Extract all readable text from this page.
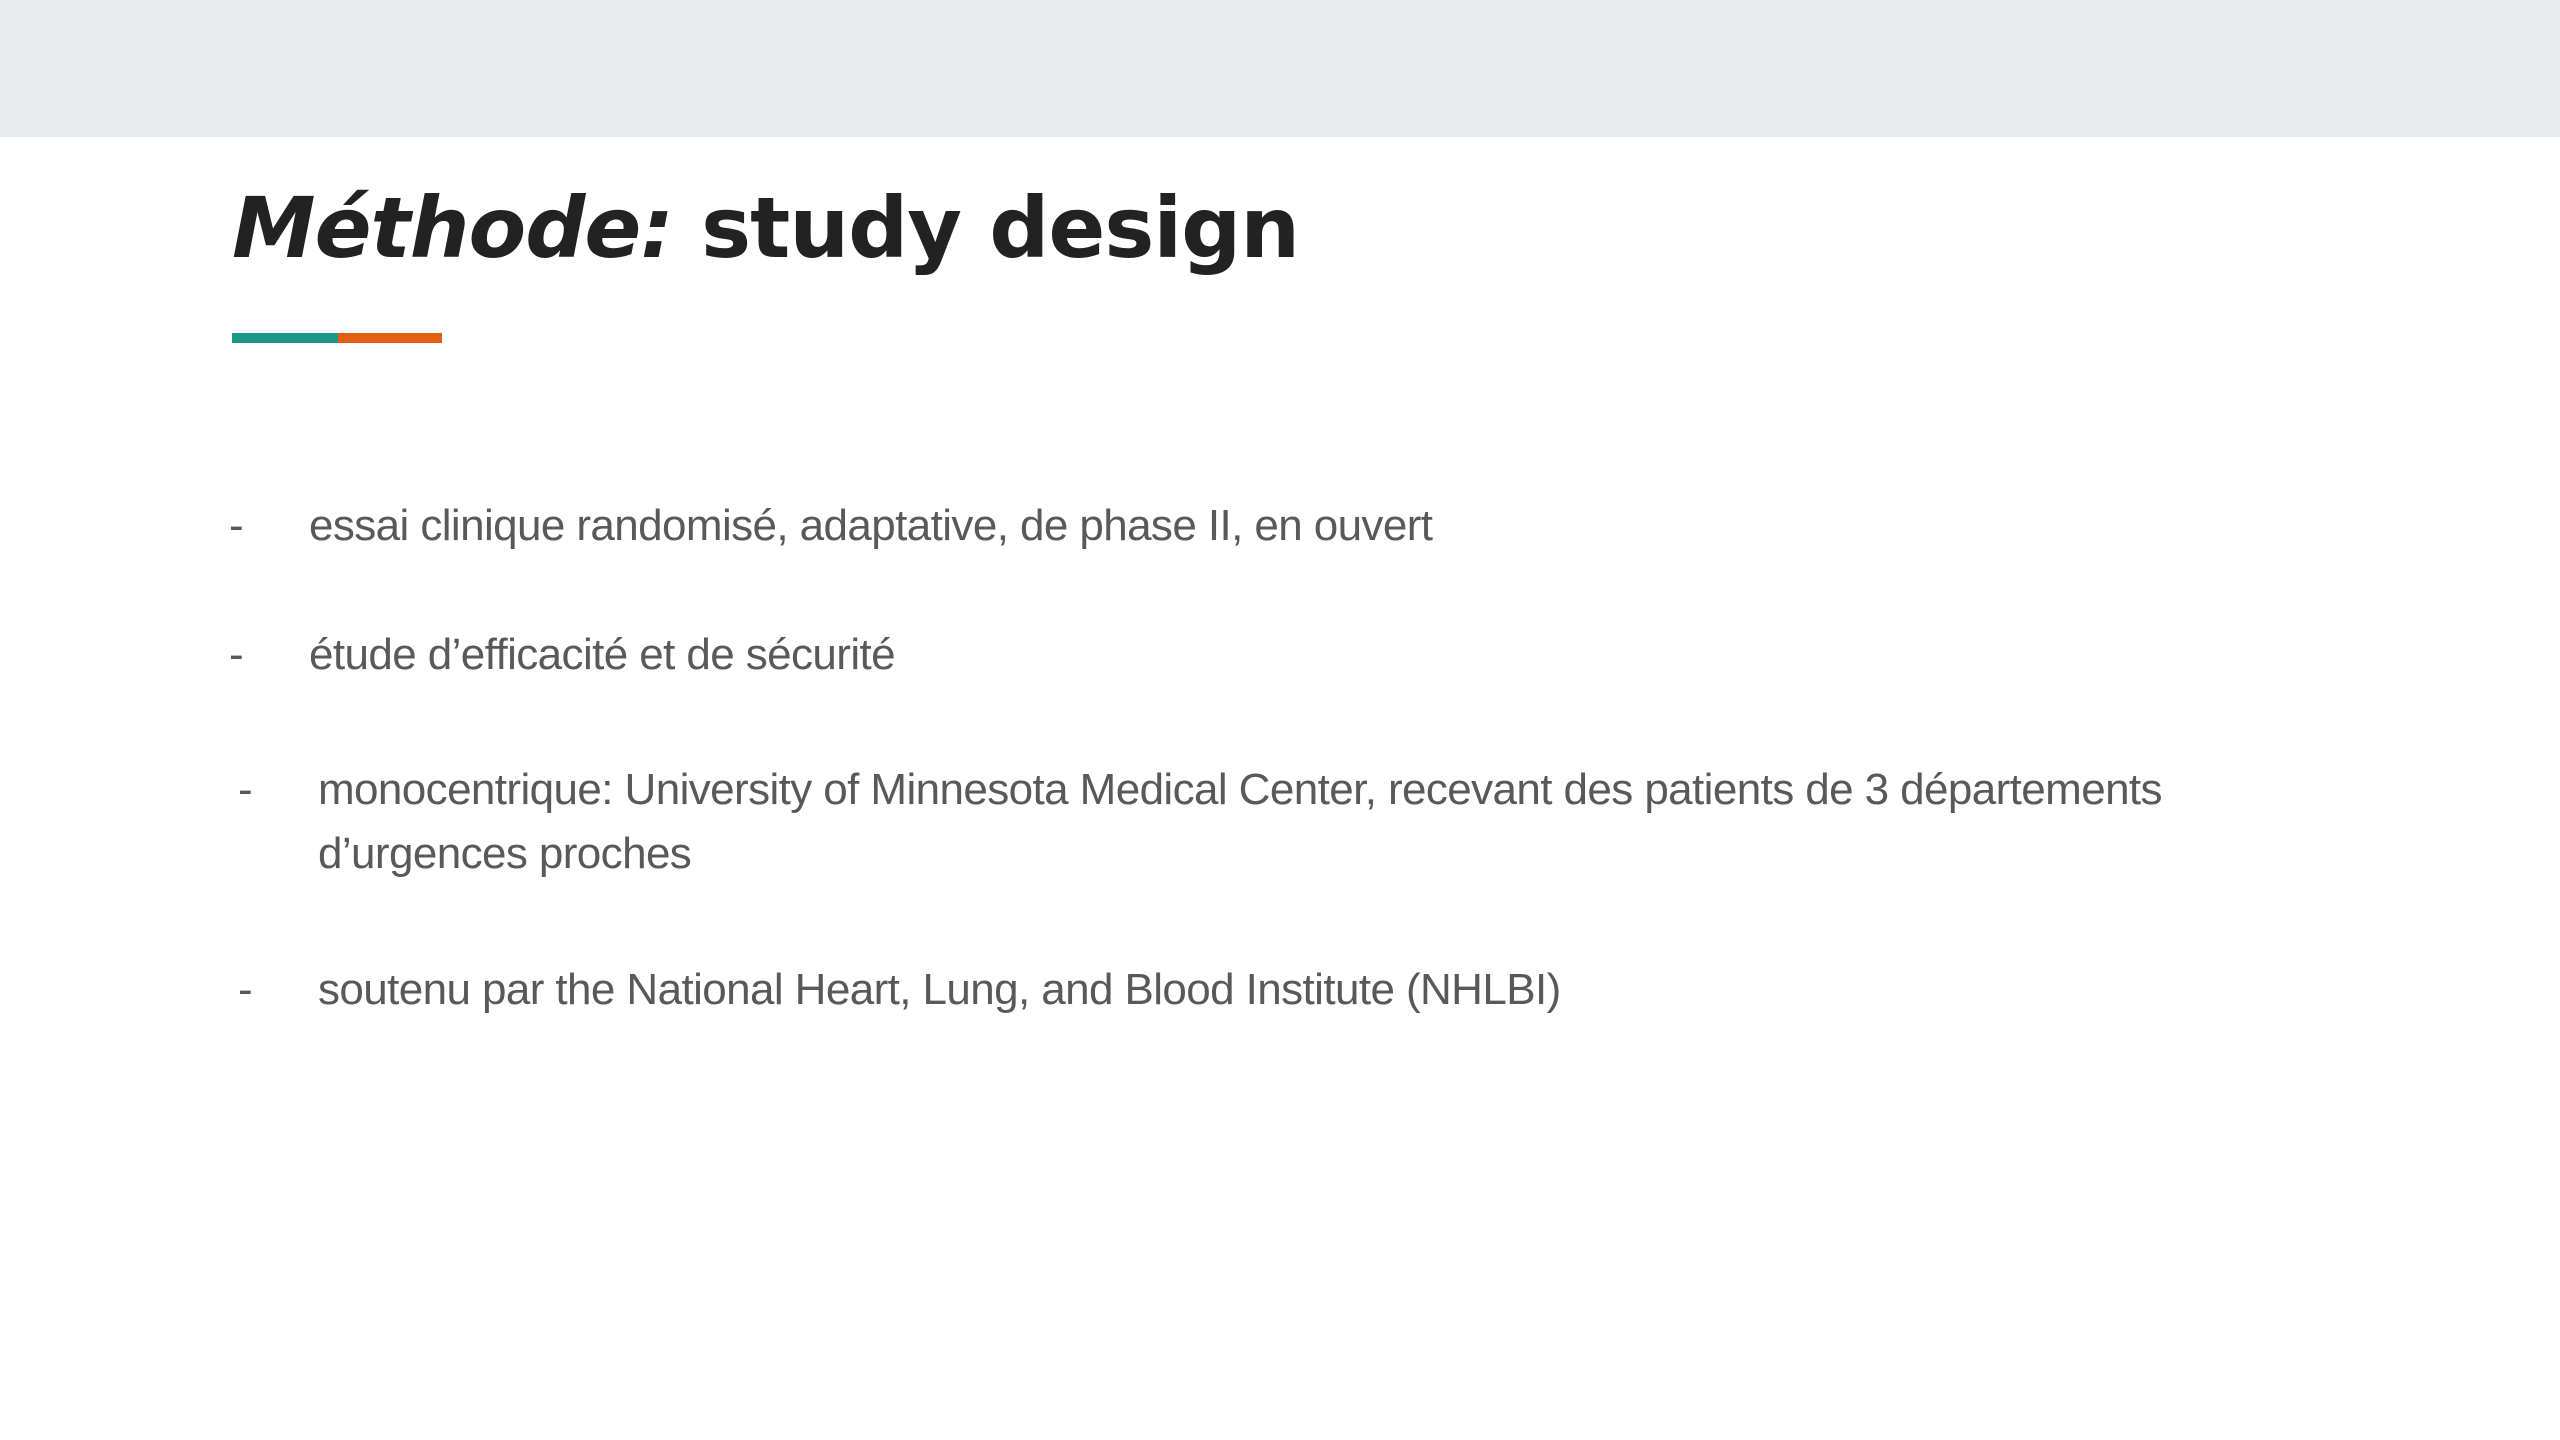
Méthode: study design
- essai clinique randomisé, adaptative, de phase II, en ouvert
- étude d’efficacité et de sécurité
- monocentrique: University of Minnesota Medical Center, recevant des patients de 3 départements
d’urgences proches
- soutenu par the National Heart, Lung, and Blood Institute (NHLBI)
